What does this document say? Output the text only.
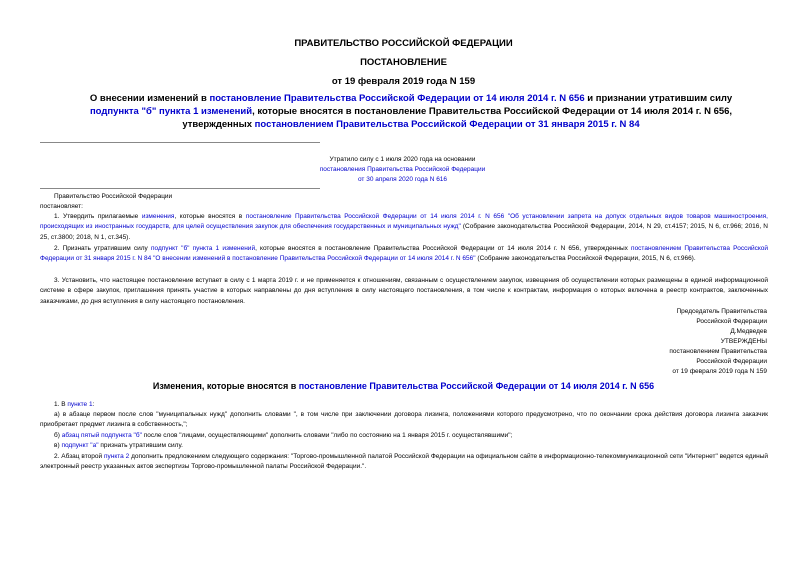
ПРАВИТЕЛЬСТВО РОССИЙСКОЙ ФЕДЕРАЦИИ
ПОСТАНОВЛЕНИЕ
от 19 февраля 2019 года N 159
О внесении изменений в постановление Правительства Российской Федерации от 14 июля 2014 г. N 656 и признании утратившим силу подпункта "б" пункта 1 изменений, которые вносятся в постановление Правительства Российской Федерации от 14 июля 2014 г. N 656, утвержденных постановлением Правительства Российской Федерации от 31 января 2015 г. N 84
Утратило силу с 1 июля 2020 года на основании
постановления Правительства Российской Федерации
от 30 апреля 2020 года N 616
Правительство Российской Федерации
постановляет:
1. Утвердить прилагаемые изменения, которые вносятся в постановление Правительства Российской Федерации от 14 июля 2014 г. N 656 "Об установлении запрета на допуск отдельных видов товаров машиностроения, происходящих из иностранных государств, для целей осуществления закупок для обеспечения государственных и муниципальных нужд" (Собрание законодательства Российской Федерации, 2014, N 29, ст.4157; 2015, N 6, ст.966; 2016, N 25, ст.3800; 2018, N 1, ст.345).
2. Признать утратившим силу подпункт "б" пункта 1 изменений, которые вносятся в постановление Правительства Российской Федерации от 14 июля 2014 г. N 656, утвержденных постановлением Правительства Российской Федерации от 31 января 2015 г. N 84 "О внесении изменений в постановление Правительства Российской Федерации от 14 июля 2014 г. N 656" (Собрание законодательства Российской Федерации, 2015, N 6, ст.966).
3. Установить, что настоящее постановление вступает в силу с 1 марта 2019 г. и не применяется к отношениям, связанным с осуществлением закупок, извещения об осуществлении которых размещены в единой информационной системе в сфере закупок, приглашения принять участие в которых направлены до дня вступления в силу настоящего постановления, в том числе к контрактам, информация о которых включена в реестр контрактов, заключенных заказчиками, до дня вступления в силу настоящего постановления.
Председатель Правительства
Российской Федерации
Д.Медведев
УТВЕРЖДЕНЫ
постановлением Правительства
Российской Федерации
от 19 февраля 2019 года N 159
Изменения, которые вносятся в постановление Правительства Российской Федерации от 14 июля 2014 г. N 656
1. В пункте 1:
а) в абзаце первом после слов "муниципальных нужд" дополнить словами ", в том числе при заключении договора лизинга, положениями которого предусмотрено, что по окончании срока действия договора лизинга заказчик приобретает предмет лизинга в собственность,";
б) абзац пятый подпункта "б" после слов "лицами, осуществляющими" дополнить словами "либо по состоянию на 1 января 2015 г. осуществлявшими";
в) подпункт "а" признать утратившим силу.
2. Абзац второй пункта 2 дополнить предложением следующего содержания: "Торгово-промышленной палатой Российской Федерации на официальном сайте в информационно-телекоммуникационной сети "Интернет" ведется единый электронный реестр указанных актов экспертизы Торгово-промышленной палаты Российской Федерации.".
